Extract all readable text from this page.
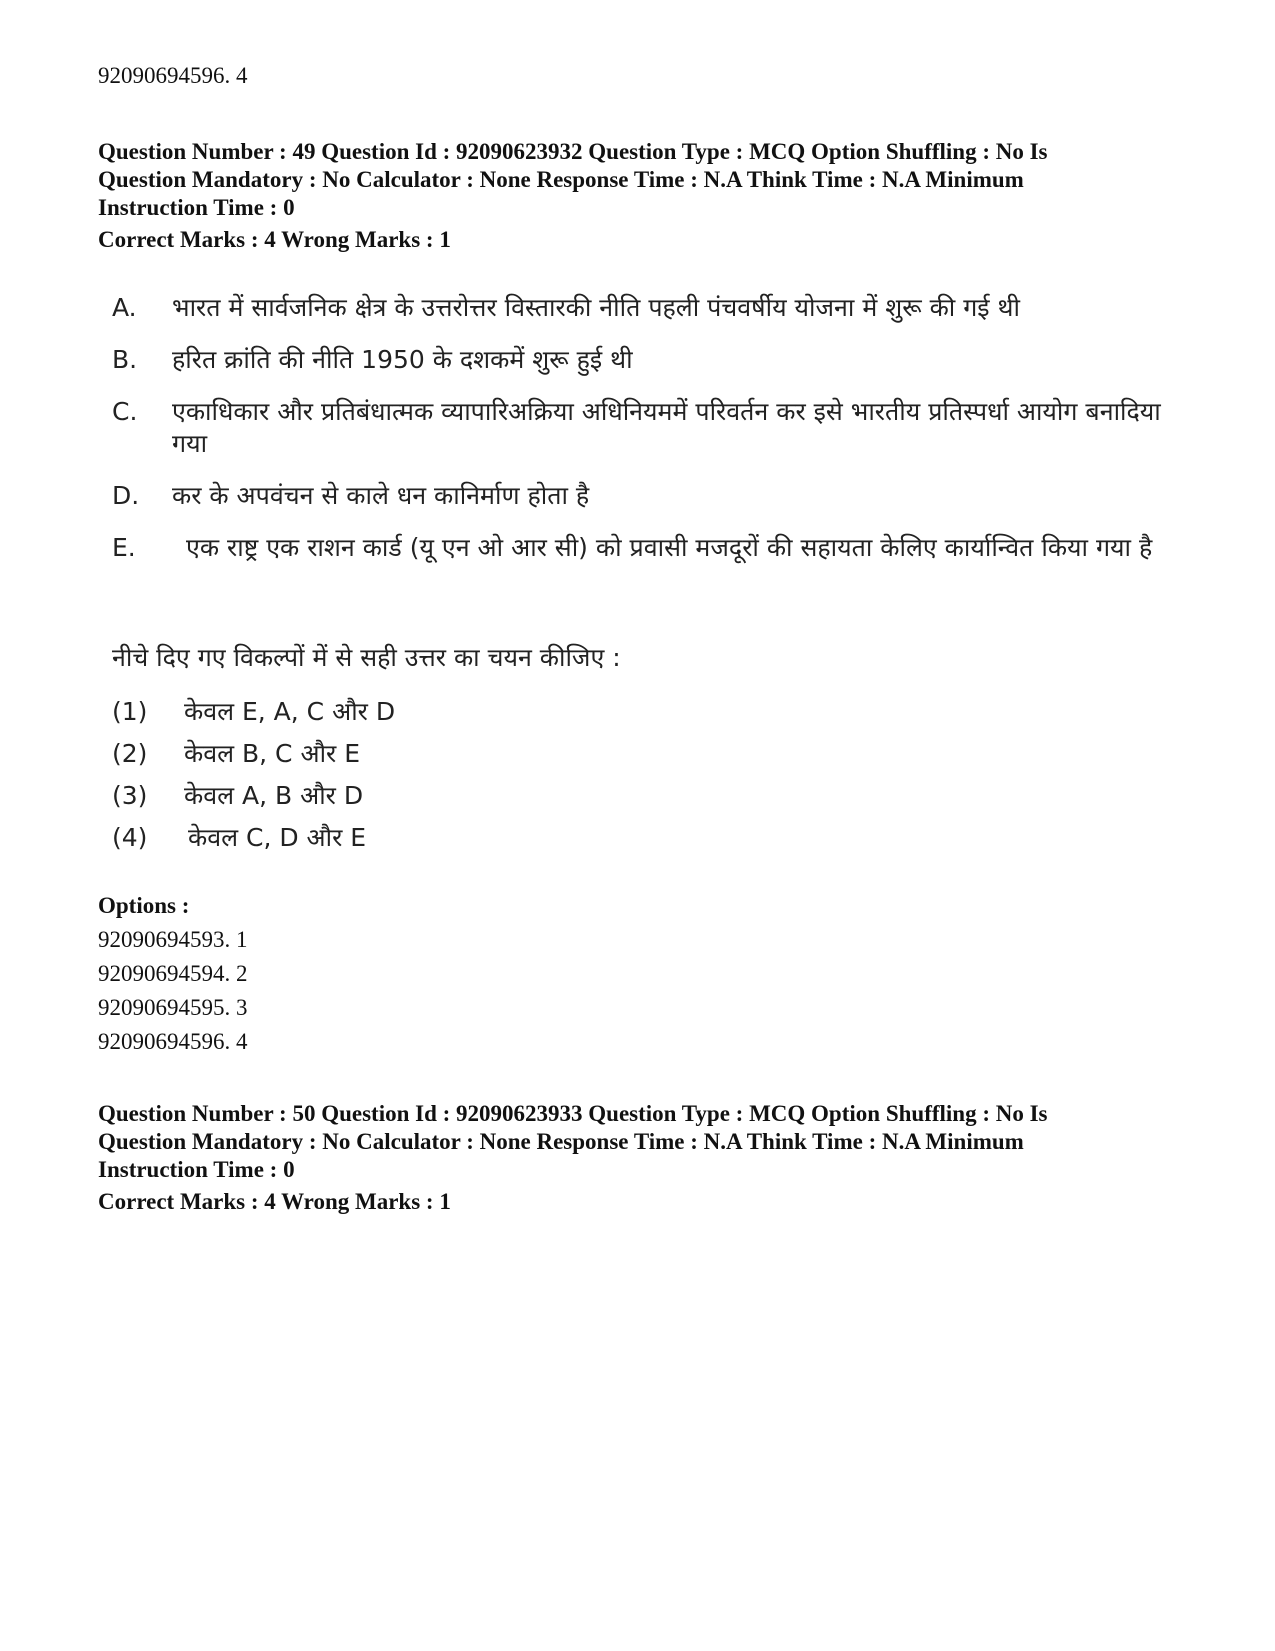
92090694596. 4
Question Number : 49 Question Id : 92090623932 Question Type : MCQ Option Shuffling : No Is
Question Mandatory : No Calculator : None Response Time : N.A Think Time : N.A Minimum
Instruction Time : 0
Correct Marks : 4 Wrong Marks : 1
A.	भारत में सार्वजनिक क्षेत्र के उत्तरोत्तर विस्तारकी नीति पहली पंचवर्षीय योजना में शुरू की गई थी
B.	हरित क्रांति की नीति 1950 के दशकमें शुरू हुई थी
C.	एकाधिकार और प्रतिबंधात्मक व्यापारिअक्रिया अधिनियममें परिवर्तन कर इसे भारतीय प्रतिस्पर्धा आयोग बनादिया गया
D.	कर के अपवंचन से काले धन कानिर्माण होता है
E.	एक राष्ट्र एक राशन कार्ड (यू एन ओ आर सी) को प्रवासी मजदूरों की सहायता केलिए कार्यान्वित किया गया है
नीचे दिए गए विकल्पों में से सही उत्तर का चयन कीजिए :
(1)	केवल E, A, C और D
(2)	केवल B, C और E
(3)	केवल A, B और D
(4)	केवल C, D और E
Options :
92090694593. 1
92090694594. 2
92090694595. 3
92090694596. 4
Question Number : 50 Question Id : 92090623933 Question Type : MCQ Option Shuffling : No Is
Question Mandatory : No Calculator : None Response Time : N.A Think Time : N.A Minimum
Instruction Time : 0
Correct Marks : 4 Wrong Marks : 1
